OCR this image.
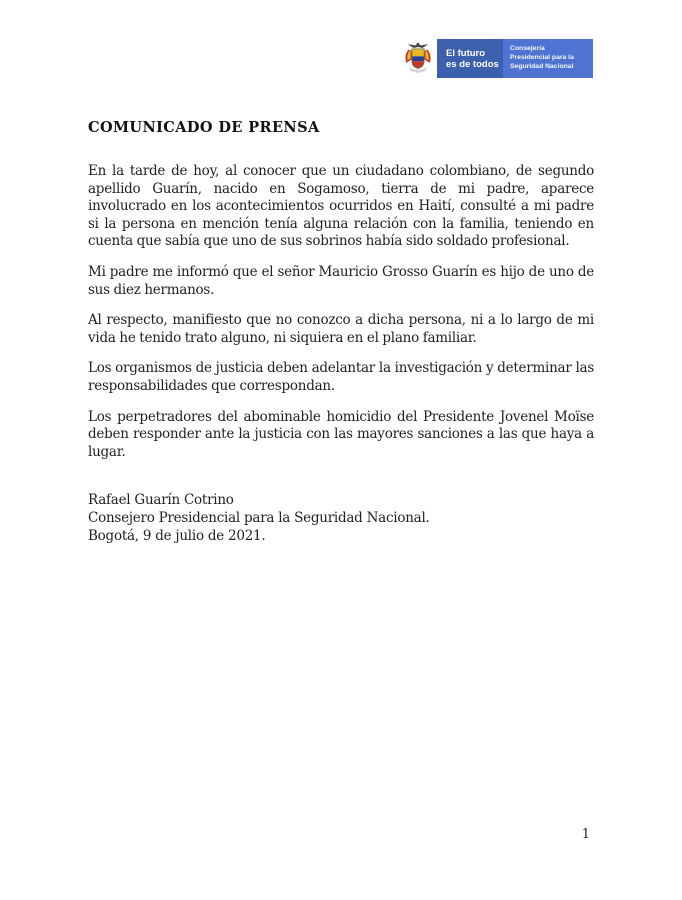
El futuro
es de todos
Consejería Presidencial para la Seguridad Nacional
COMUNICADO DE PRENSA

En la tarde de hoy, al conocer que un ciudadano colombiano, de segundo apellido Guarín, nacido en Sogamoso, tierra de mi padre, aparece involucrado en los acontecimientos ocurridos en Haití, consulté a mi padre si la persona en mención tenía alguna relación con la familia, teniendo en cuenta que sabía que uno de sus sobrinos había sido soldado profesional.

Mi padre me informó que el señor Mauricio Grosso Guarín es hijo de uno de sus diez hermanos.

Al respecto, manifiesto que no conozco a dicha persona, ni a lo largo de mi vida he tenido trato alguno, ni siquiera en el plano familiar.

Los organismos de justicia deben adelantar la investigación y determinar las responsabilidades que correspondan.

Los perpetradores del abominable homicidio del Presidente Jovenel Moïse deben responder ante la justicia con las mayores sanciones a las que haya a lugar.

Rafael Guarín Cotrino
Consejero Presidencial para la Seguridad Nacional.
Bogotá, 9 de julio de 2021.
1
